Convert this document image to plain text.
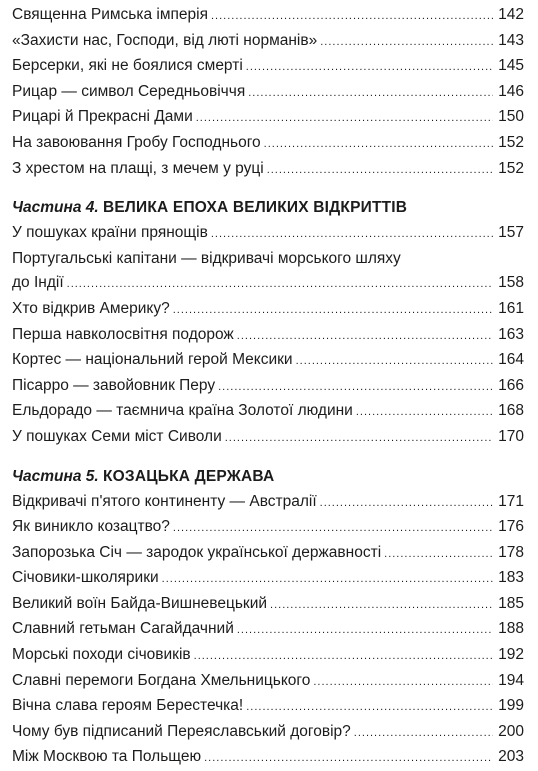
Священна Римська імперія .....	142
«Захисти нас, Господи, від люті норманів» .....	143
Берсерки, які не боялися смерті .....	145
Рицар — символ Середньовіччя .....	146
Рицарі й Прекрасні Дами .....	150
На завоювання Гробу Господнього .....	152
З хрестом на плащі, з мечем у руці .....	152
Частина 4. ВЕЛИКА ЕПОХА ВЕЛИКИХ ВІДКРИТТІВ
У пошуках країни прянощів .....	157
Португальські капітани — відкривачі морського шляху
до Індії .....	158
Хто відкрив Америку? .....	161
Перша навколосвітня подорож .....	163
Кортес — національний герой Мексики .....	164
Пісарро — завойовник Перу .....	166
Ельдорадо — таємнича країна Золотої людини .....	168
У пошуках Семи міст Сиволи .....	170
Частина 5. КОЗАЦЬКА ДЕРЖАВА
Відкривачі п'ятого континенту — Австралії .....	171
Як виникло козацтво? .....	176
Запорозька Січ — зародок української державності .....	178
Січовики-школярики .....	183
Великий воїн Байда-Вишневецький .....	185
Славний гетьман Сагайдачний .....	188
Морські походи січовиків .....	192
Славні перемоги Богдана Хмельницького .....	194
Вічна слава героям Берестечка! .....	199
Чому був підписаний Переяславський договір? .....	200
Між Москвою та Польщею .....	203
